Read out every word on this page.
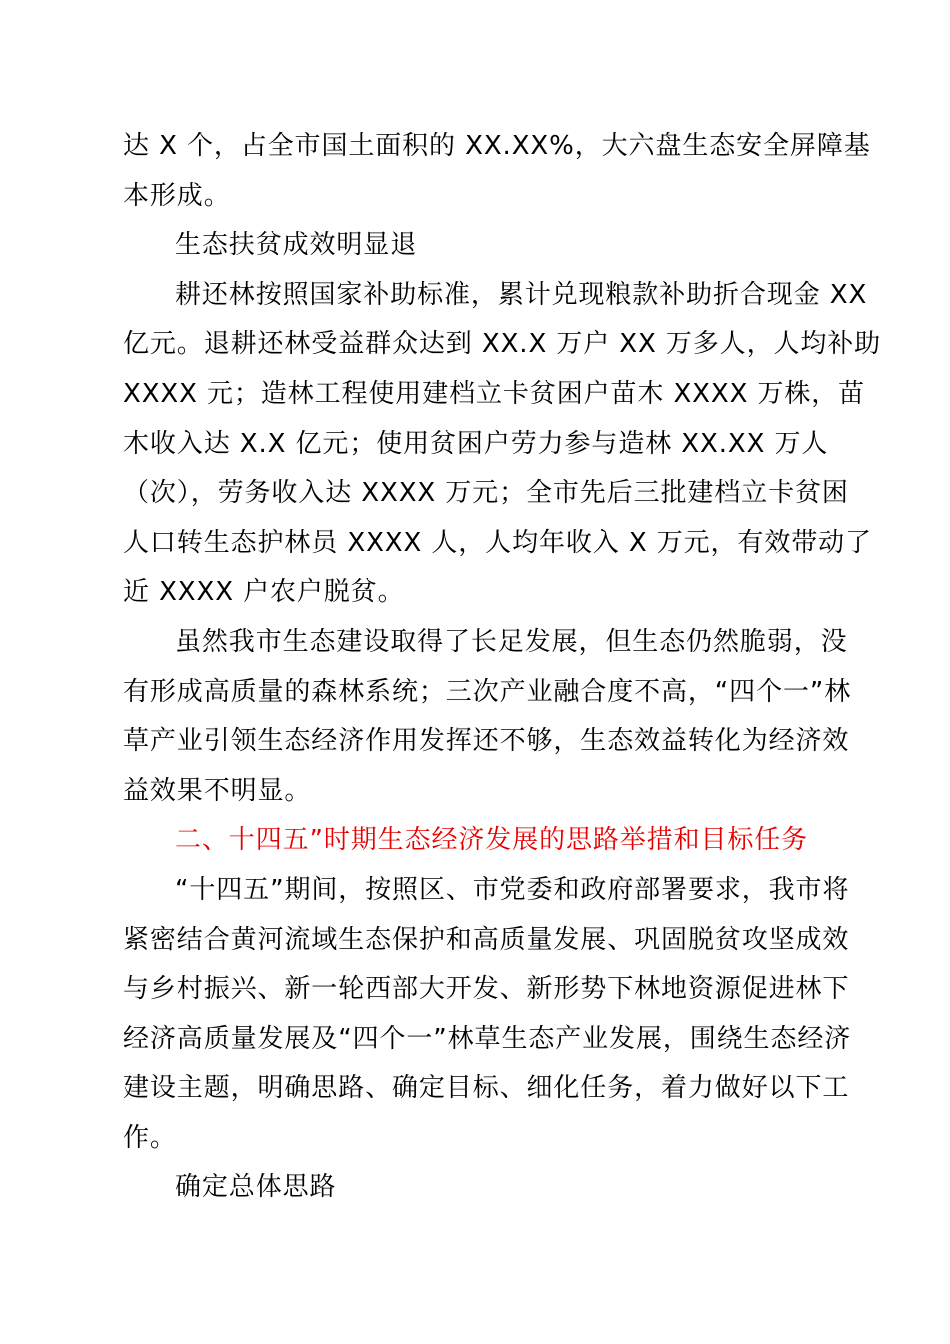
达 X 个，占全市国土面积的 XX.XX%，大六盘生态安全屏障基
本形成。
生态扶贫成效明显退
耕还林按照国家补助标准，累计兑现粮款补助折合现金 XX
亿元。退耕还林受益群众达到 XX.X 万户 XX 万多人，人均补助
XXXX 元；造林工程使用建档立卡贫困户苗木 XXXX 万株，苗
木收入达 X.X 亿元；使用贫困户劳力参与造林 XX.XX 万人
（次），劳务收入达 XXXX 万元；全市先后三批建档立卡贫困
人口转生态护林员 XXXX 人，人均年收入 X 万元，有效带动了
近 XXXX 户农户脱贫。
虽然我市生态建设取得了长足发展，但生态仍然脆弱，没
有形成高质量的森林系统；三次产业融合度不高，“四个一”林
草产业引领生态经济作用发挥还不够，生态效益转化为经济效
益效果不明显。
二、十四五”时期生态经济发展的思路举措和目标任务
“十四五”期间，按照区、市党委和政府部署要求，我市将
紧密结合黄河流域生态保护和高质量发展、巩固脱贫攻坚成效
与乡村振兴、新一轮西部大开发、新形势下林地资源促进林下
经济高质量发展及“四个一”林草生态产业发展，围绕生态经济
建设主题，明确思路、确定目标、细化任务，着力做好以下工
作。
确定总体思路
